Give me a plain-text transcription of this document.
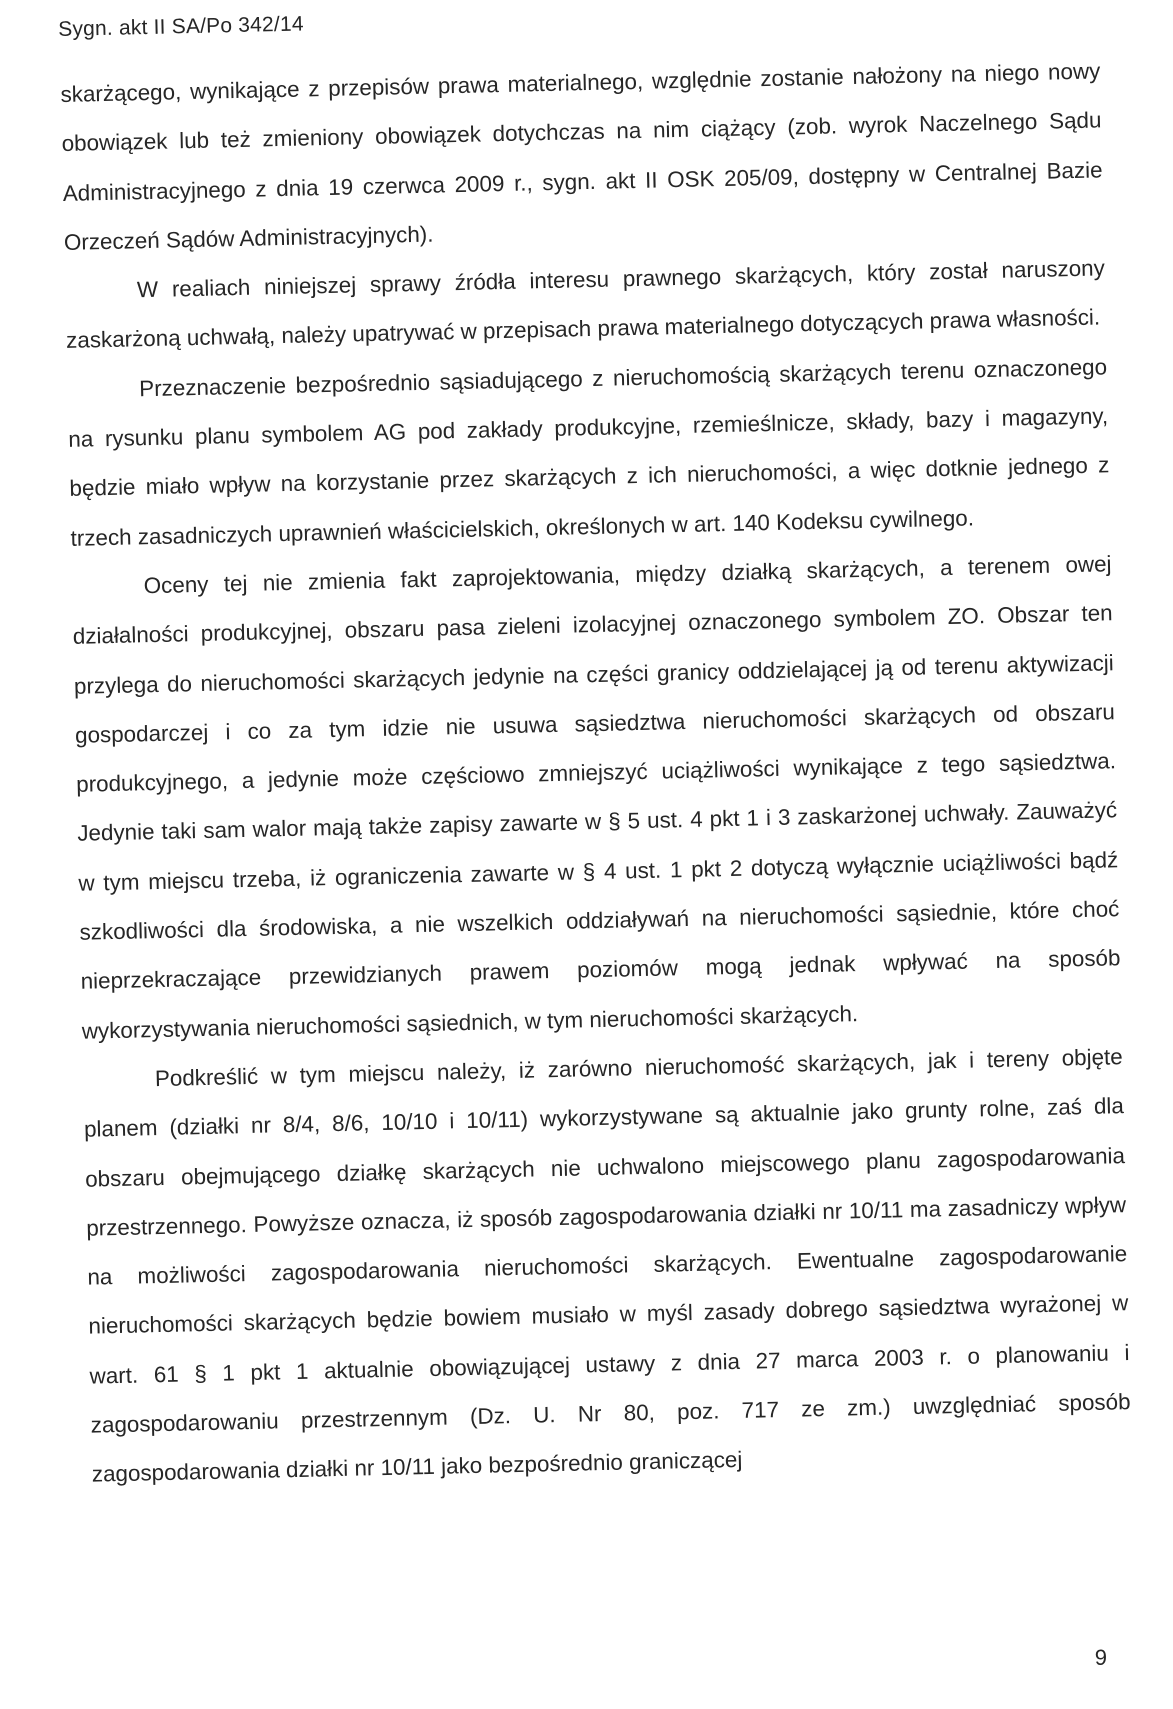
Sygn. akt II SA/Po 342/14

skarżącego, wynikające z przepisów prawa materialnego, względnie zostanie nałożony na niego nowy obowiązek lub też zmieniony obowiązek dotychczas na nim ciążący (zob. wyrok Naczelnego Sądu Administracyjnego z dnia 19 czerwca 2009 r., sygn. akt II OSK 205/09, dostępny w Centralnej Bazie Orzeczeń Sądów Administracyjnych).

W realiach niniejszej sprawy źródła interesu prawnego skarżących, który został naruszony zaskarżoną uchwałą, należy upatrywać w przepisach prawa materialnego dotyczących prawa własności.

Przeznaczenie bezpośrednio sąsiadującego z nieruchomością skarżących terenu oznaczonego na rysunku planu symbolem AG pod zakłady produkcyjne, rzemieślnicze, składy, bazy i magazyny, będzie miało wpływ na korzystanie przez skarżących z ich nieruchomości, a więc dotknie jednego z trzech zasadniczych uprawnień właścicielskich, określonych w art. 140 Kodeksu cywilnego.

Oceny tej nie zmienia fakt zaprojektowania, między działką skarżących, a terenem owej działalności produkcyjnej, obszaru pasa zieleni izolacyjnej oznaczonego symbolem ZO. Obszar ten przylega do nieruchomości skarżących jedynie na części granicy oddzielającej ją od terenu aktywizacji gospodarczej i co za tym idzie nie usuwa sąsiedztwa nieruchomości skarżących od obszaru produkcyjnego, a jedynie może częściowo zmniejszyć uciążliwości wynikające z tego sąsiedztwa. Jedynie taki sam walor mają także zapisy zawarte w § 5 ust. 4 pkt 1 i 3 zaskarżonej uchwały. Zauważyć w tym miejscu trzeba, iż ograniczenia zawarte w § 4 ust. 1 pkt 2 dotyczą wyłącznie uciążliwości bądź szkodliwości dla środowiska, a nie wszelkich oddziaływań na nieruchomości sąsiednie, które choć nieprzekraczające przewidzianych prawem poziomów mogą jednak wpływać na sposób wykorzystywania nieruchomości sąsiednich, w tym nieruchomości skarżących.

Podkreślić w tym miejscu należy, iż zarówno nieruchomość skarżących, jak i tereny objęte planem (działki nr 8/4, 8/6, 10/10 i 10/11) wykorzystywane są aktualnie jako grunty rolne, zaś dla obszaru obejmującego działkę skarżących nie uchwalono miejscowego planu zagospodarowania przestrzennego. Powyższe oznacza, iż sposób zagospodarowania działki nr 10/11 ma zasadniczy wpływ na możliwości zagospodarowania nieruchomości skarżących. Ewentualne zagospodarowanie nieruchomości skarżących będzie bowiem musiało w myśl zasady dobrego sąsiedztwa wyrażonej w wart. 61 § 1 pkt 1 aktualnie obowiązującej ustawy z dnia 27 marca 2003 r. o planowaniu i zagospodarowaniu przestrzennym (Dz. U. Nr 80, poz. 717 ze zm.) uwzględniać sposób zagospodarowania działki nr 10/11 jako bezpośrednio graniczącej

9
